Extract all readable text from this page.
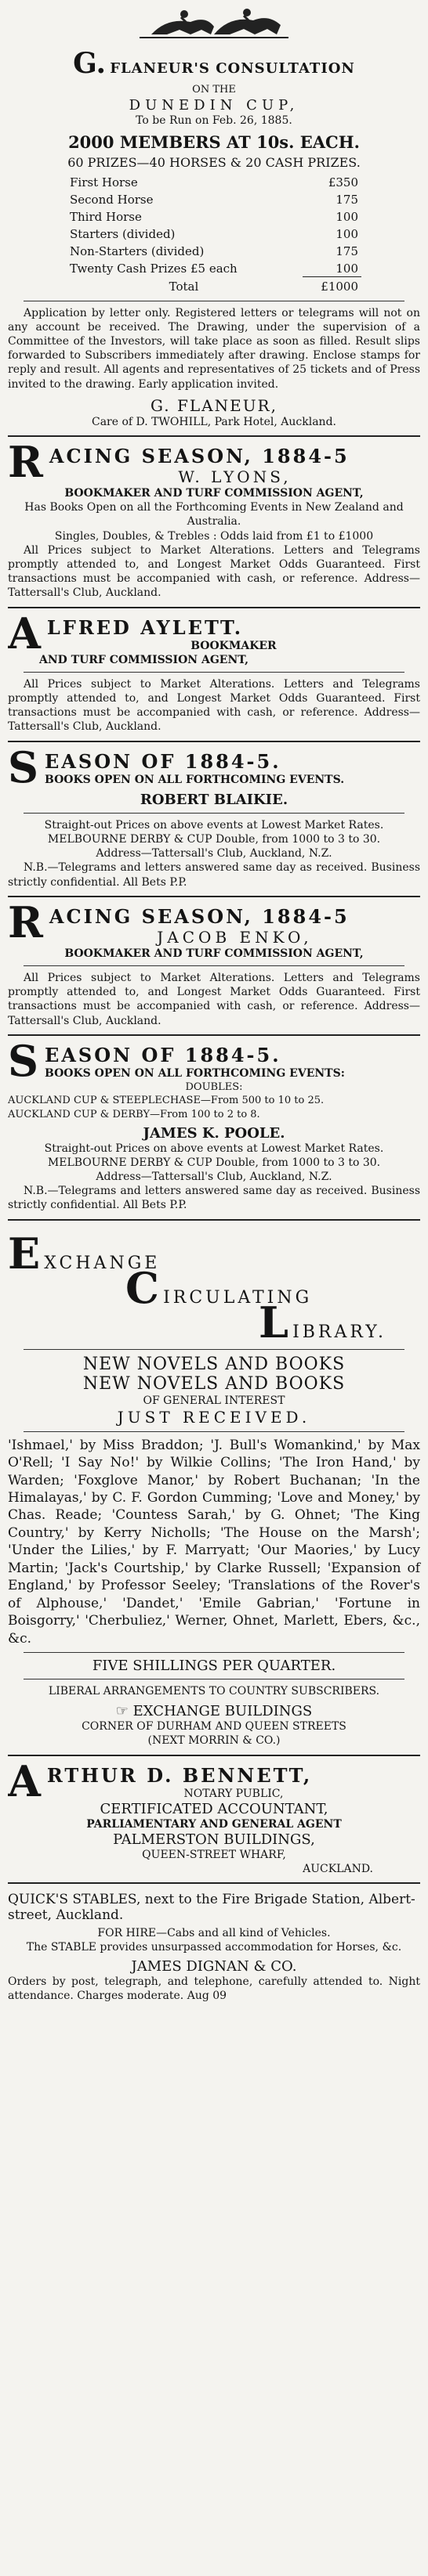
G. FLANEUR'S CONSULTATION
ON THE
DUNEDIN CUP,
To be Run on Feb. 26, 1885.
2000 MEMBERS AT 10s. EACH.
60 PRIZES—40 HORSES & 20 CASH PRIZES.
First Horse	£350
Second Horse	175
Third Horse	100
Starters (divided)	100
Non-Starters (divided)	175
Twenty Cash Prizes £5 each	100
Total	£1000
Application by letter only. Registered letters or telegrams will not on any account be received. The Drawing, under the supervision of a Committee of the Investors, will take place as soon as filled. Result slips forwarded to Subscribers immediately after drawing. Enclose stamps for reply and result. All agents and representatives of 25 tickets and of Press invited to the drawing. Early application invited.
G. FLANEUR,
Care of D. TWOHILL, Park Hotel, Auckland.
R ACING SEASON, 1884-5
W. LYONS,
BOOKMAKER AND TURF COMMISSION AGENT,
Has Books Open on all the Forthcoming Events in New Zealand and Australia.
Singles, Doubles, & Trebles : Odds laid from £1 to £1000
All Prices subject to Market Alterations. Letters and Telegrams promptly attended to, and Longest Market Odds Guaranteed. First transactions must be accompanied with cash, or reference. Address—Tattersall's Club, Auckland.
A LFRED AYLETT.
BOOKMAKER
AND TURF COMMISSION AGENT,
All Prices subject to Market Alterations. Letters and Telegrams promptly attended to, and Longest Market Odds Guaranteed. First transactions must be accompanied with cash, or reference. Address—Tattersall's Club, Auckland.
S EASON OF 1884-5.
BOOKS OPEN ON ALL FORTHCOMING EVENTS.
ROBERT BLAIKIE.
Straight-out Prices on above events at Lowest Market Rates.
MELBOURNE DERBY & CUP Double, from 1000 to 3 to 30.
Address—Tattersall's Club, Auckland, N.Z.
N.B.—Telegrams and letters answered same day as received. Business strictly confidential. All Bets P.P.
R ACING SEASON, 1884-5
JACOB ENKO,
BOOKMAKER AND TURF COMMISSION AGENT,
All Prices subject to Market Alterations. Letters and Telegrams promptly attended to, and Longest Market Odds Guaranteed. First transactions must be accompanied with cash, or reference. Address—Tattersall's Club, Auckland.
S EASON OF 1884-5.
BOOKS OPEN ON ALL FORTHCOMING EVENTS:
DOUBLES:
AUCKLAND CUP & STEEPLECHASE—From 500 to 10 to 25.
AUCKLAND CUP & DERBY—From 100 to 2 to 8.
JAMES K. POOLE.
Straight-out Prices on above events at Lowest Market Rates.
MELBOURNE DERBY & CUP Double, from 1000 to 3 to 30.
Address—Tattersall's Club, Auckland, N.Z.
N.B.—Telegrams and letters answered same day as received. Business strictly confidential. All Bets P.P.
E XCHANGE
C IRCULATING
L IBRARY.
NEW NOVELS AND BOOKS
NEW NOVELS AND BOOKS
OF GENERAL INTEREST
JUST RECEIVED.
'Ishmael,' by Miss Braddon; 'J. Bull's Womankind,' by Max O'Rell; 'I Say No!' by Wilkie Collins; 'The Iron Hand,' by Warden; 'Foxglove Manor,' by Robert Buchanan; 'In the Himalayas,' by C. F. Gordon Cumming; 'Love and Money,' by Chas. Reade; 'Countess Sarah,' by G. Ohnet; 'The King Country,' by Kerry Nicholls; 'The House on the Marsh'; 'Under the Lilies,' by F. Marryatt; 'Our Maories,' by Lucy Martin; 'Jack's Courtship,' by Clarke Russell; 'Expansion of England,' by Professor Seeley; 'Translations of the Rover's of Alphouse,' 'Dandet,' 'Emile Gabrian,' 'Fortune in Boisgorry,' 'Cherbuliez,' Werner, Ohnet, Marlett, Ebers, &c., &c.
FIVE SHILLINGS PER QUARTER.
LIBERAL ARRANGEMENTS TO COUNTRY SUBSCRIBERS.
☞ EXCHANGE BUILDINGS
CORNER OF DURHAM AND QUEEN STREETS
(NEXT MORRIN & CO.)
A RTHUR D. BENNETT,
NOTARY PUBLIC,
CERTIFICATED ACCOUNTANT,
PARLIAMENTARY AND GENERAL AGENT
PALMERSTON BUILDINGS,
QUEEN-STREET WHARF,
AUCKLAND.
QUICK'S STABLES, next to the Fire Brigade Station, Albert-street, Auckland.
FOR HIRE—Cabs and all kind of Vehicles.
The STABLE provides unsurpassed accommodation for Horses, &c.
JAMES DIGNAN & CO.
Orders by post, telegraph, and telephone, carefully attended to. Night attendance. Charges moderate. Aug 09
